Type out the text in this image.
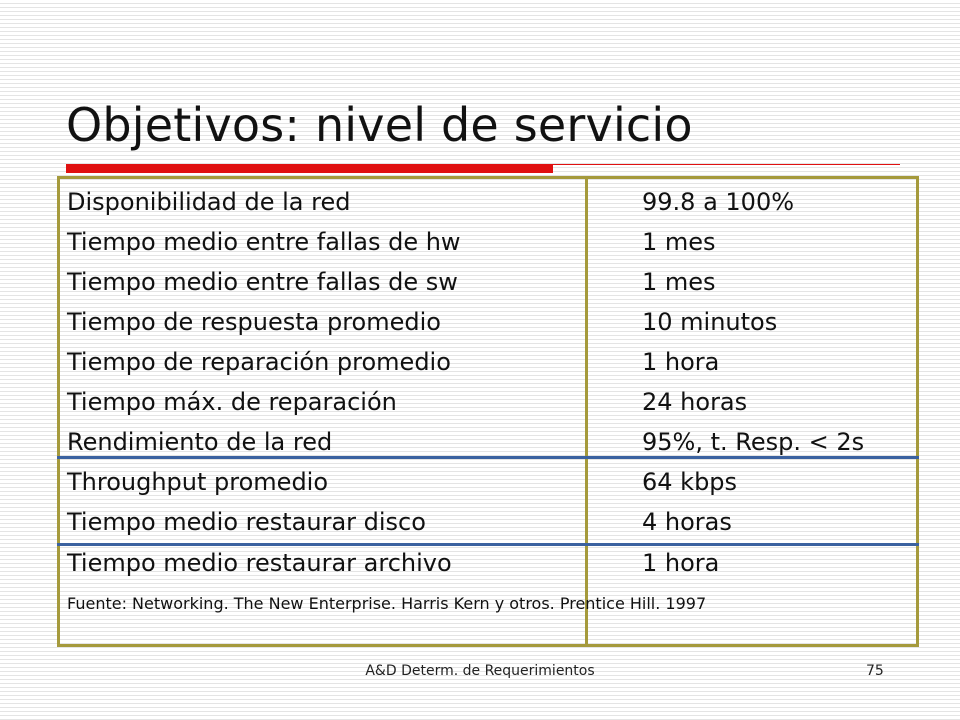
Objetivos: nivel de servicio
Disponibilidad de la red	99.8 a 100%
Tiempo medio entre fallas de hw	1 mes
Tiempo medio entre fallas de sw	1 mes
Tiempo de respuesta promedio	10 minutos
Tiempo de reparación promedio	1 hora
Tiempo máx. de reparación	24 horas
Rendimiento de la red	95%, t. Resp. < 2s
Throughput promedio	64 kbps
Tiempo medio restaurar disco	4 horas
Tiempo medio restaurar archivo	1 hora
Fuente: Networking. The New Enterprise. Harris Kern y otros. Prentice Hill. 1997
A&D Determ. de Requerimientos	75
